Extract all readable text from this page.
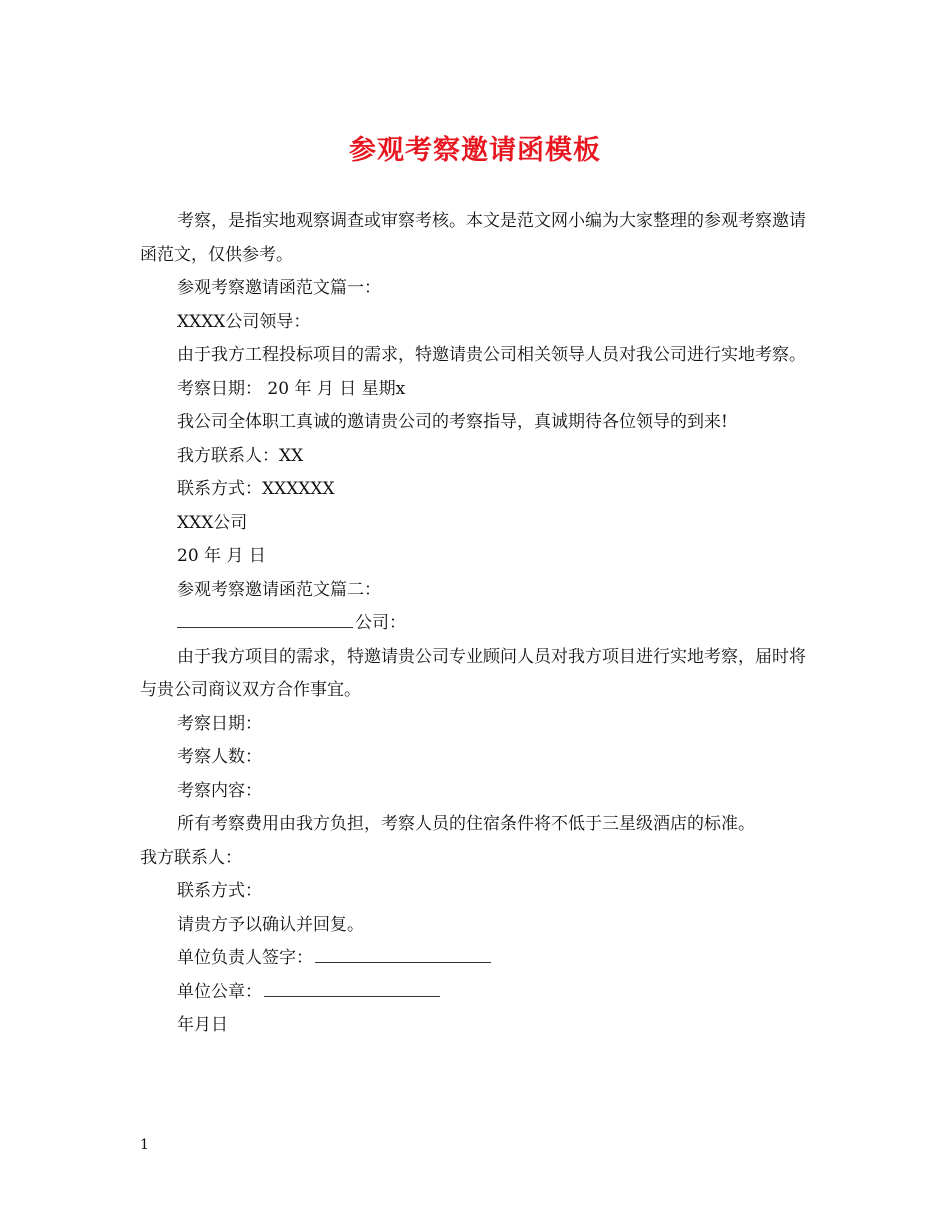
参观考察邀请函模板

考察，是指实地观察调查或审察考核。本文是范文网小编为大家整理的参观考察邀请函范文，仅供参考。

参观考察邀请函范文篇一：

XXXX公司领导：

由于我方工程投标项目的需求，特邀请贵公司相关领导人员对我公司进行实地考察。

考察日期： 20 年 月 日 星期x

我公司全体职工真诚的邀请贵公司的考察指导，真诚期待各位领导的到来!

我方联系人：XX

联系方式：XXXXXX

XXX公司

20 年 月 日

参观考察邀请函范文篇二：

公司：

由于我方项目的需求，特邀请贵公司专业顾问人员对我方项目进行实地考察，届时将与贵公司商议双方合作事宜。

考察日期：

考察人数：

考察内容：

所有考察费用由我方负担，考察人员的住宿条件将不低于三星级酒店的标准。

我方联系人：

联系方式：

请贵方予以确认并回复。

单位负责人签字：

单位公章：

年月日

1
